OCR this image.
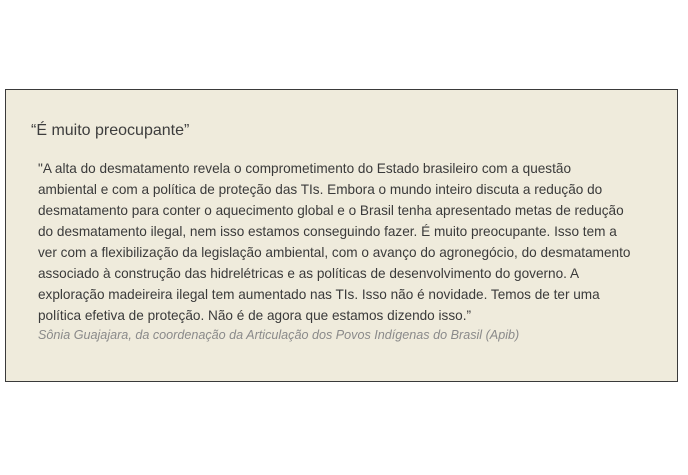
“É muito preocupante”

"A alta do desmatamento revela o comprometimento do Estado brasileiro com a questão
ambiental e com a política de proteção das TIs. Embora o mundo inteiro discuta a redução do
desmatamento para conter o aquecimento global e o Brasil tenha apresentado metas de redução
do desmatamento ilegal, nem isso estamos conseguindo fazer. É muito preocupante. Isso tem a
ver com a flexibilização da legislação ambiental, com o avanço do agronegócio, do desmatamento
associado à construção das hidrelétricas e as políticas de desenvolvimento do governo. A
exploração madeireira ilegal tem aumentado nas TIs. Isso não é novidade. Temos de ter uma
política efetiva de proteção. Não é de agora que estamos dizendo isso.”

Sônia Guajajara, da coordenação da Articulação dos Povos Indígenas do Brasil (Apib)
